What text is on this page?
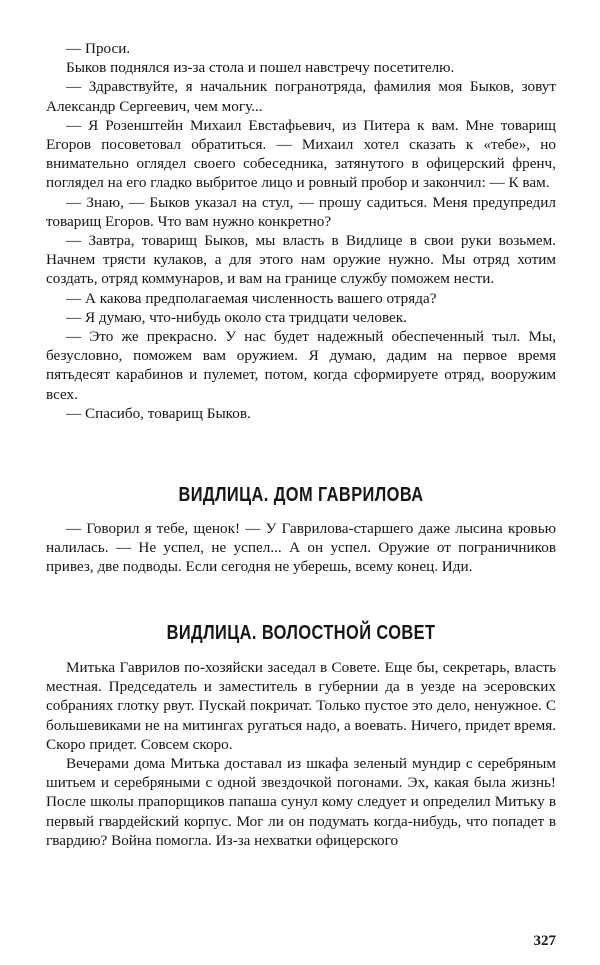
— Проси.

Быков поднялся из-за стола и пошел навстречу посетителю.

— Здравствуйте, я начальник погранотряда, фамилия моя Быков, зовут Александр Сергеевич, чем могу...

— Я Розенштейн Михаил Евстафьевич, из Питера к вам. Мне товарищ Егоров посоветовал обратиться. — Михаил хотел сказать к «тебе», но внимательно оглядел своего собеседника, затянутого в офицерский френч, поглядел на его гладко выбритое лицо и ровный пробор и закончил: — К вам.

— Знаю, — Быков указал на стул, — прошу садиться. Меня предупредил товарищ Егоров. Что вам нужно конкретно?

— Завтра, товарищ Быков, мы власть в Видлице в свои руки возьмем. Начнем трясти кулаков, а для этого нам оружие нужно. Мы отряд хотим создать, отряд коммунаров, и вам на границе службу поможем нести.

— А какова предполагаемая численность вашего отряда?

— Я думаю, что-нибудь около ста тридцати человек.

— Это же прекрасно. У нас будет надежный обеспеченный тыл. Мы, безусловно, поможем вам оружием. Я думаю, дадим на первое время пятьдесят карабинов и пулемет, потом, когда сформируете отряд, вооружим всех.

— Спасибо, товарищ Быков.

ВИДЛИЦА. ДОМ ГАВРИЛОВА

— Говорил я тебе, щенок! — У Гаврилова-старшего даже лысина кровью налилась. — Не успел, не успел... А он успел. Оружие от пограничников привез, две подводы. Если сегодня не уберешь, всему конец. Иди.

ВИДЛИЦА. ВОЛОСТНОЙ СОВЕТ

Митька Гаврилов по-хозяйски заседал в Совете. Еще бы, секретарь, власть местная. Председатель и заместитель в губернии да в уезде на эсеровских собраниях глотку рвут. Пускай покричат. Только пустое это дело, ненужное. С большевиками не на митингах ругаться надо, а воевать. Ничего, придет время. Скоро придет. Совсем скоро.

Вечерами дома Митька доставал из шкафа зеленый мундир с серебряным шитьем и серебряными с одной звездочкой погонами. Эх, какая была жизнь! После школы прапорщиков папаша сунул кому следует и определил Митьку в первый гвардейский корпус. Мог ли он подумать когда-нибудь, что попадет в гвардию? Война помогла. Из-за нехватки офицерского

327
